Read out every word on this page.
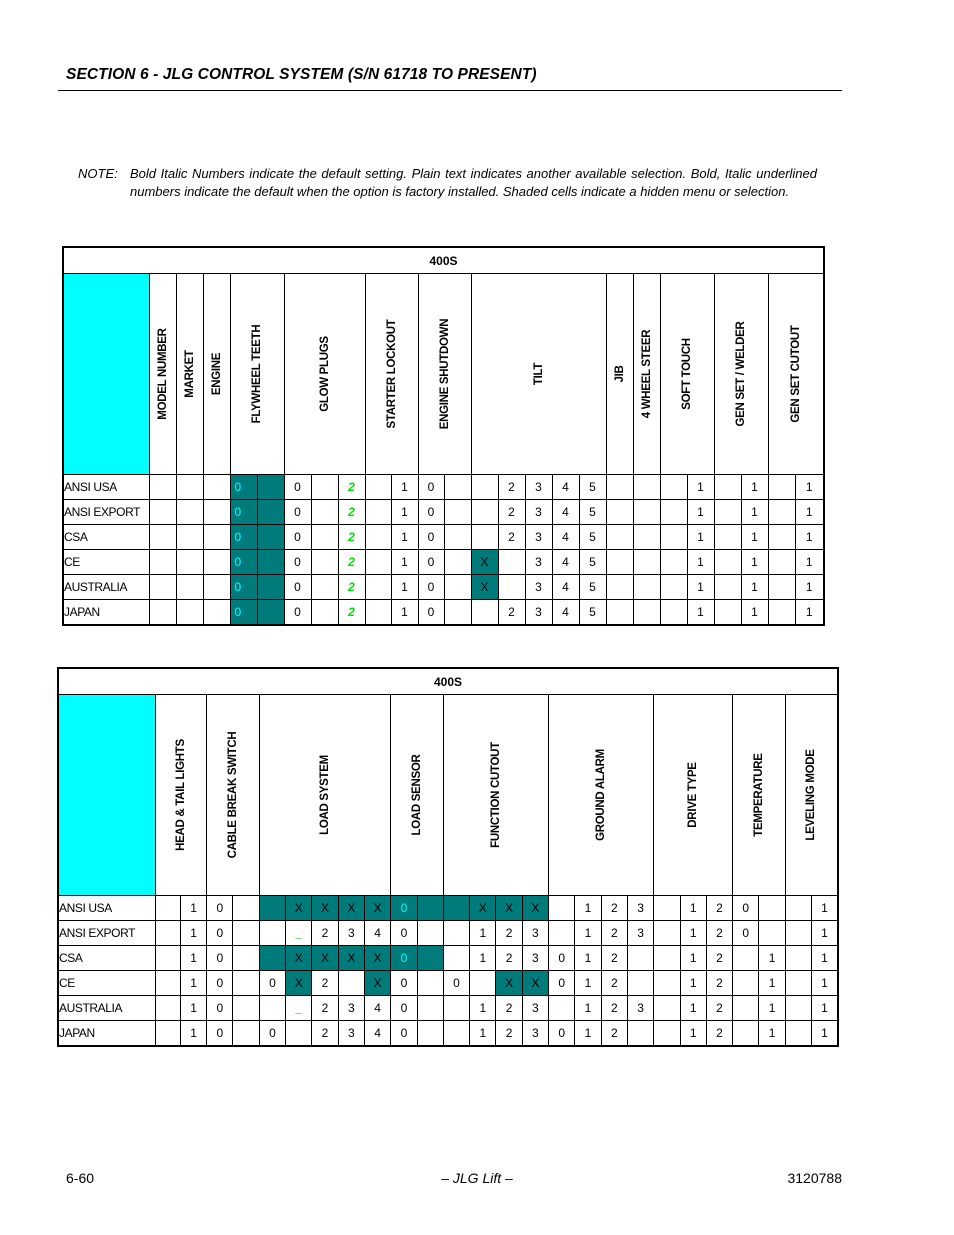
SECTION 6 - JLG CONTROL SYSTEM (S/N 61718 TO PRESENT)
NOTE: Bold Italic Numbers indicate the default setting. Plain text indicates another available selection. Bold, Italic underlined numbers indicate the default when the option is factory installed. Shaded cells indicate a hidden menu or selection.
400S																									

	MODEL NUMBER	MARKET	ENGINE	FLYWHEEL TEETH		GLOW PLUGS			STARTER LOCKOUT		ENGINE SHUTDOWN		TILT					JIB	4 WHEEL STEER	SOFT TOUCH		GEN SET / WELDER		GEN SET CUTOUT	

ANSI USA				0		0		2		1	0			2	3	4	5				1		1		1
ANSI EXPORT				0		0		2		1	0			2	3	4	5				1		1		1
CSA				0		0		2		1	0			2	3	4	5				1		1		1
CE				0		0		2		1	0		X		3	4	5				1		1		1
AUSTRALIA				0		0		2		1	0		X		3	4	5				1		1		1
JAPAN				0		0		2		1	0			2	3	4	5				1		1		1
400S																										

	HEAD & TAIL LIGHTS		CABLE BREAK SWITCH		LOAD SYSTEM					LOAD SENSOR		FUNCTION CUTOUT				GROUND ALARM				DRIVE TYPE			TEMPERATURE		LEVELING MODE	

ANSI USA		1	0			X	X	X	X	0			X	X	X		1	2	3		1	2	0			1
ANSI EXPORT		1	0			_	2	3	4	0			1	2	3		1	2	3		1	2	0			1
CSA		1	0			X	X	X	X	0			1	2	3	0	1	2			1	2		1		1
CE		1	0		0	X	2		X	0		0		X	X	0	1	2			1	2		1		1
AUSTRALIA		1	0			_	2	3	4	0			1	2	3		1	2	3		1	2		1		1
JAPAN		1	0		0		2	3	4	0			1	2	3	0	1	2			1	2		1		1
6-60	– JLG Lift –	3120788
